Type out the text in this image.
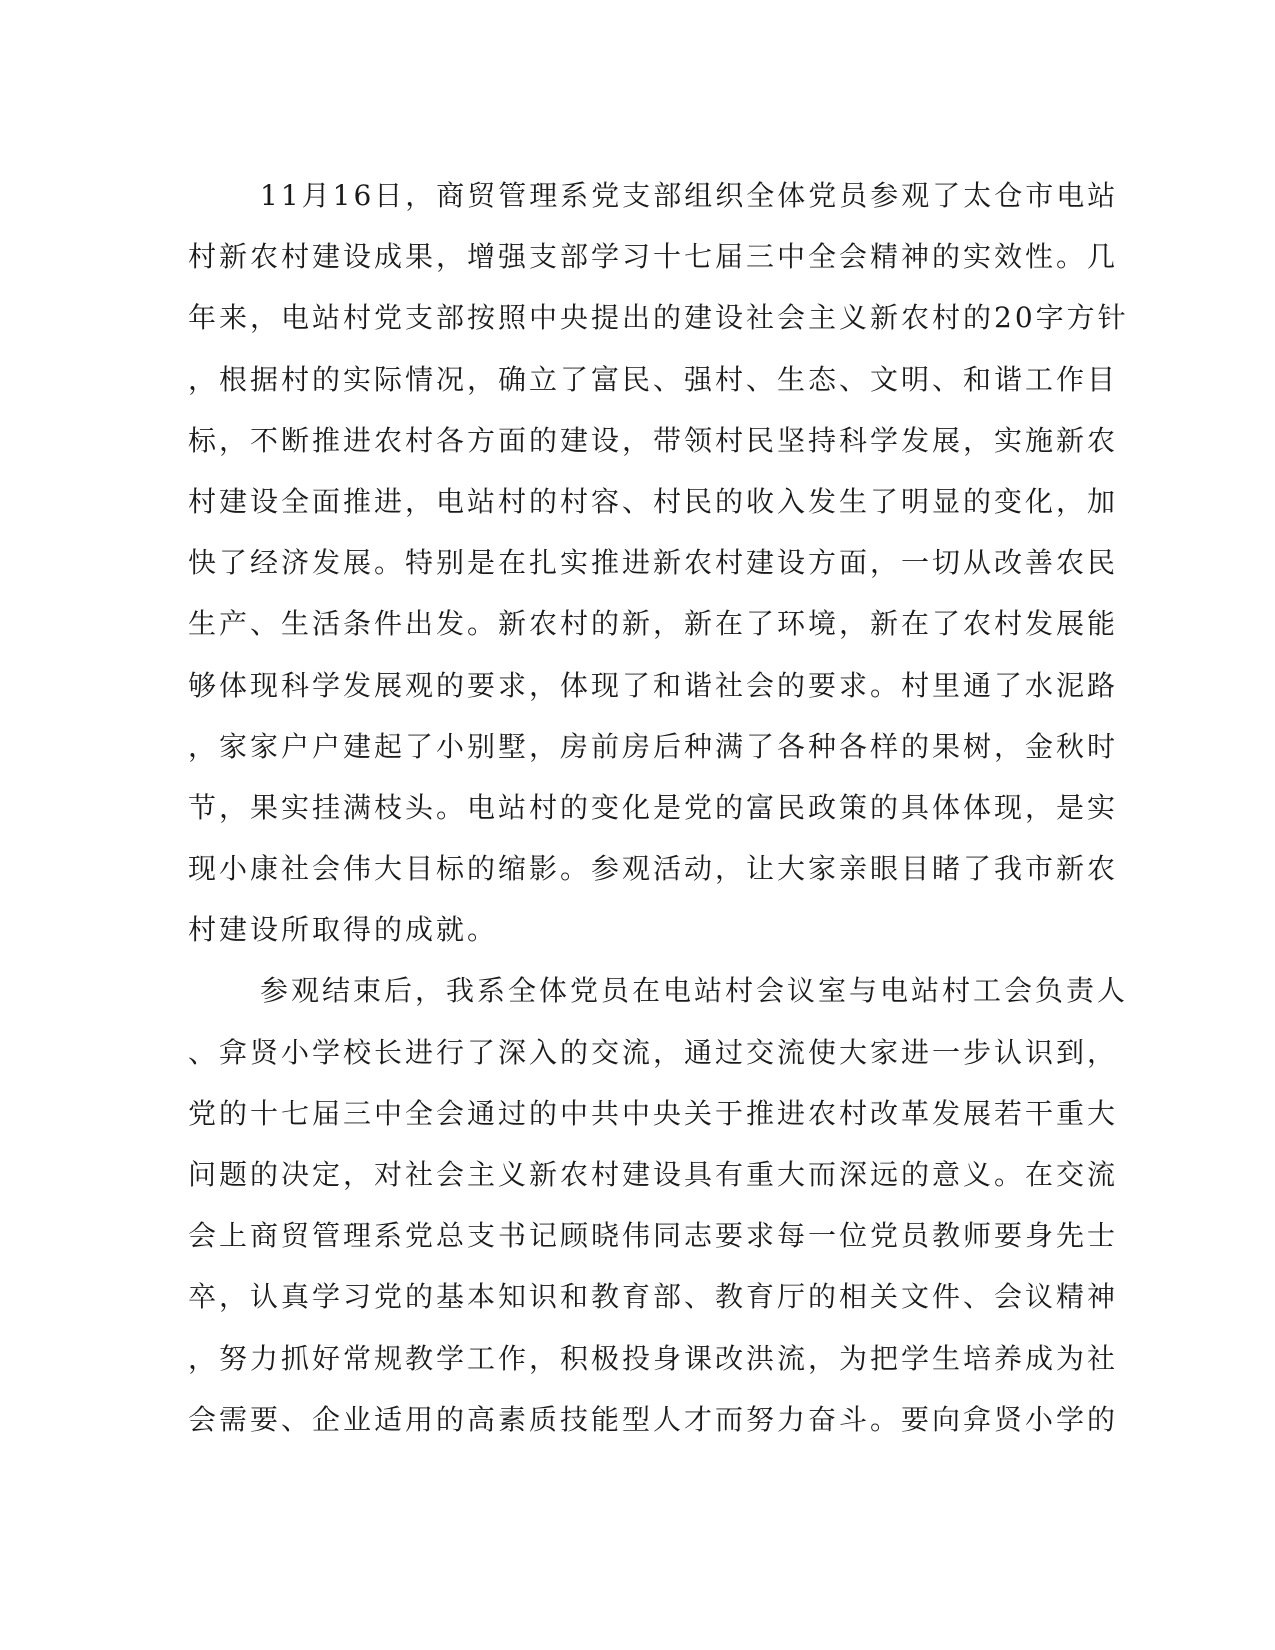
11月16日，商贸管理系党支部组织全体党员参观了太仓市电站
村新农村建设成果，增强支部学习十七届三中全会精神的实效性。几
年来，电站村党支部按照中央提出的建设社会主义新农村的20字方针
，根据村的实际情况，确立了富民、强村、生态、文明、和谐工作目
标，不断推进农村各方面的建设，带领村民坚持科学发展，实施新农
村建设全面推进，电站村的村容、村民的收入发生了明显的变化，加
快了经济发展。特别是在扎实推进新农村建设方面，一切从改善农民
生产、生活条件出发。新农村的新，新在了环境，新在了农村发展能
够体现科学发展观的要求，体现了和谐社会的要求。村里通了水泥路
，家家户户建起了小别墅，房前房后种满了各种各样的果树，金秋时
节，果实挂满枝头。电站村的变化是党的富民政策的具体体现，是实
现小康社会伟大目标的缩影。参观活动，让大家亲眼目睹了我市新农
村建设所取得的成就。
参观结束后，我系全体党员在电站村会议室与电站村工会负责人
、弇贤小学校长进行了深入的交流，通过交流使大家进一步认识到，
党的十七届三中全会通过的中共中央关于推进农村改革发展若干重大
问题的决定，对社会主义新农村建设具有重大而深远的意义。在交流
会上商贸管理系党总支书记顾晓伟同志要求每一位党员教师要身先士
卒，认真学习党的基本知识和教育部、教育厅的相关文件、会议精神
，努力抓好常规教学工作，积极投身课改洪流，为把学生培养成为社
会需要、企业适用的高素质技能型人才而努力奋斗。要向弇贤小学的
